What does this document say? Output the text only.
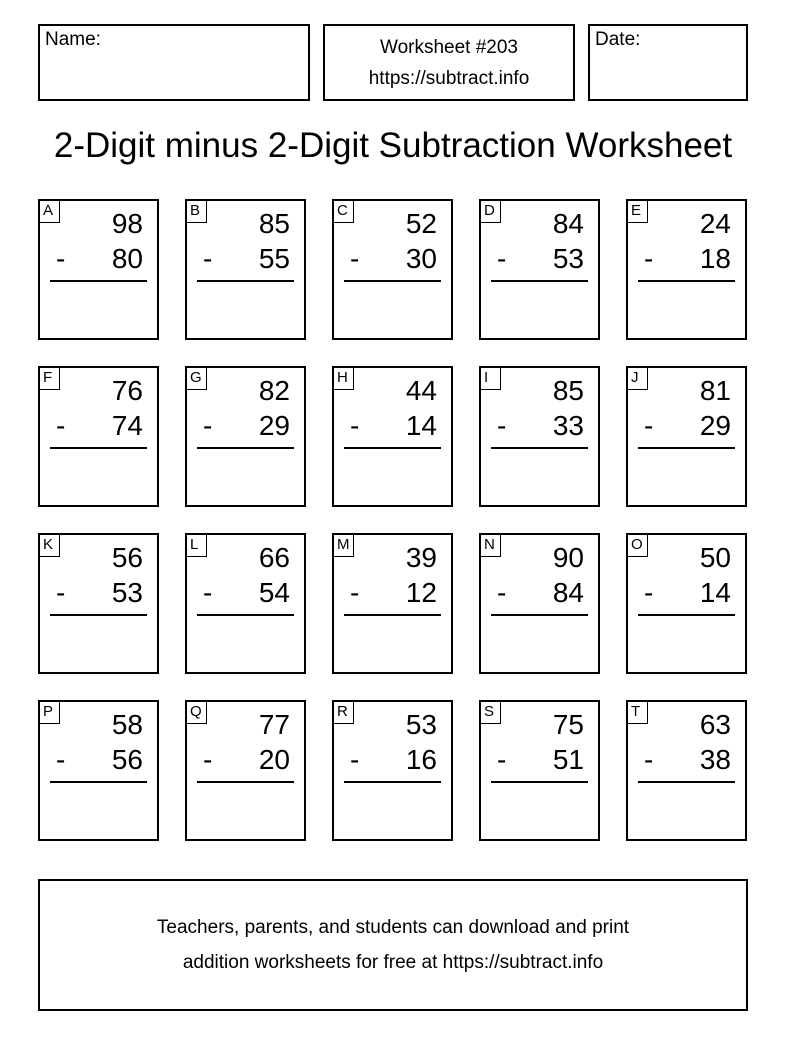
Name:	Worksheet #203
https://subtract.info
Date:
2-Digit minus 2-Digit Subtraction Worksheet
A 98
- 80
B 85
- 55
C 52
- 30
D 84
- 53
E 24
- 18
F 76
- 74
G 82
- 29
H 44
- 14
I	85
- 33
J	81
- 29
K 56
- 53
L	66
- 54
M 39
- 12
N 90
- 84
O 50
- 14
P 58
- 56
Q 77
- 20
R 53
- 16
S 75
- 51
T 63
- 38
Teachers, parents, and students can download and print
addition worksheets for free at https://subtract.info
